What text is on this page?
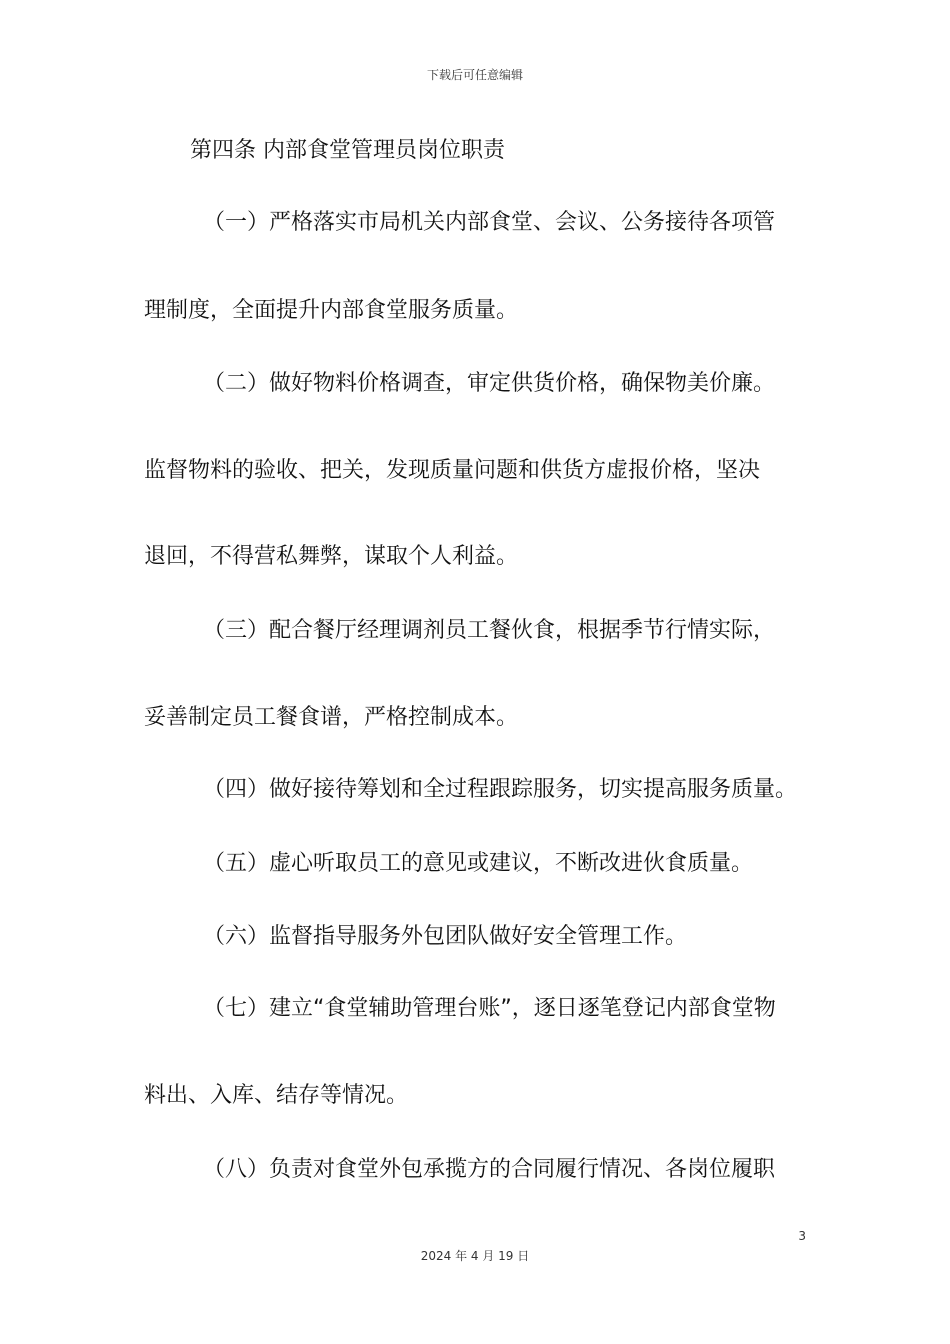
下载后可任意编辑
第四条 内部食堂管理员岗位职责
（一）严格落实市局机关内部食堂、会议、公务接待各项管
理制度，全面提升内部食堂服务质量。
（二）做好物料价格调查，审定供货价格，确保物美价廉。
监督物料的验收、把关，发现质量问题和供货方虚报价格，坚决
退回，不得营私舞弊，谋取个人利益。
（三）配合餐厅经理调剂员工餐伙食，根据季节行情实际，
妥善制定员工餐食谱，严格控制成本。
（四）做好接待筹划和全过程跟踪服务，切实提高服务质量。
（五）虚心听取员工的意见或建议，不断改进伙食质量。
（六）监督指导服务外包团队做好安全管理工作。
（七）建立“食堂辅助管理台账”，逐日逐笔登记内部食堂物
料出、入库、结存等情况。
（八）负责对食堂外包承揽方的合同履行情况、各岗位履职
3
2024 年 4 月 19 日
